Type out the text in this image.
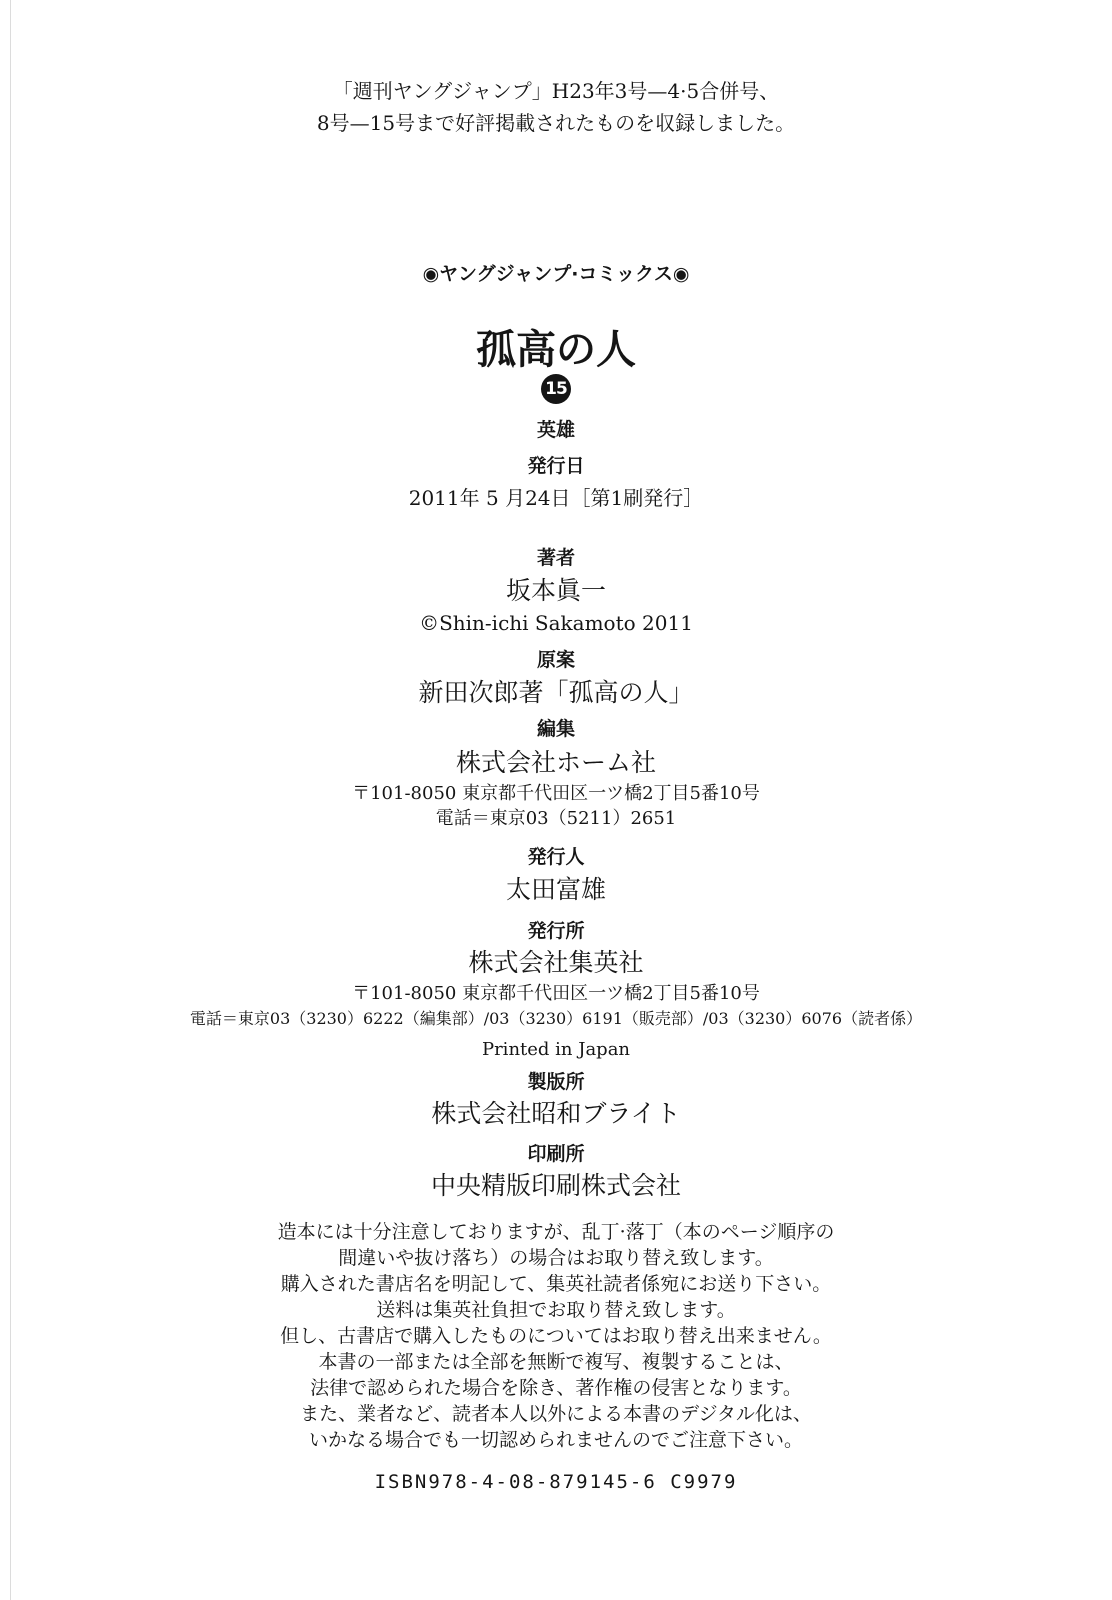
「週刊ヤングジャンプ」H23年3号—4·5合併号、
8号—15号まで好評掲載されたものを収録しました。
◉ヤングジャンプ·コミックス◉
孤高の人
15
英雄
発行日
2011年 5 月24日［第1刷発行］
著者
坂本眞一
©Shin-ichi Sakamoto 2011
原案
新田次郎著「孤高の人」
編集
株式会社ホーム社
〒101-8050 東京都千代田区一ツ橋2丁目5番10号
電話＝東京03（5211）2651
発行人
太田富雄
発行所
株式会社集英社
〒101-8050 東京都千代田区一ツ橋2丁目5番10号
電話＝東京03（3230）6222（編集部）/03（3230）6191（販売部）/03（3230）6076（読者係）
Printed in Japan
製版所
株式会社昭和ブライト
印刷所
中央精版印刷株式会社
造本には十分注意しておりますが、乱丁·落丁（本のページ順序の
間違いや抜け落ち）の場合はお取り替え致します。
購入された書店名を明記して、集英社読者係宛にお送り下さい。
送料は集英社負担でお取り替え致します。
但し、古書店で購入したものについてはお取り替え出来ません。
本書の一部または全部を無断で複写、複製することは、
法律で認められた場合を除き、著作権の侵害となります。
また、業者など、読者本人以外による本書のデジタル化は、
いかなる場合でも一切認められませんのでご注意下さい。
ISBN978-4-08-879145-6 C9979
